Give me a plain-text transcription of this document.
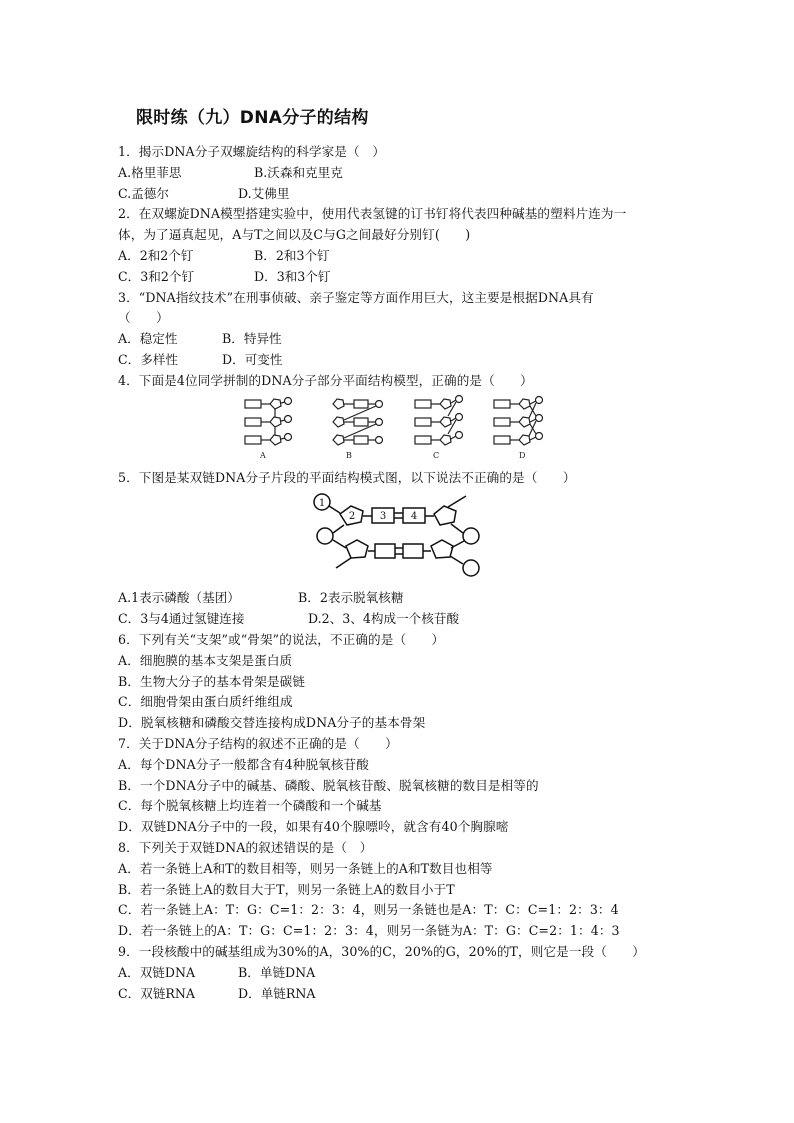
限时练（九）DNA分子的结构
1．揭示DNA分子双螺旋结构的科学家是（　）
A.格里菲思	B.沃森和克里克
C.孟德尔	D.艾佛里
2．在双螺旋DNA模型搭建实验中，使用代表氢键的订书钉将代表四种碱基的塑料片连为一
体，为了逼真起见，A与T之间以及C与G之间最好分别钉(　　)
A．2和2个钉	B．2和3个钉
C．3和2个钉	D．3和3个钉
3．“DNA指纹技术”在刑事侦破、亲子鉴定等方面作用巨大，这主要是根据DNA具有
（　　）
A．稳定性	B．特异性
C．多样性	D．可变性
4．下面是4位同学拼制的DNA分子部分平面结构模型，正确的是（　　）
A	B	C	D
5．下图是某双链DNA分子片段的平面结构模式图，以下说法不正确的是（　　）
1
2 3 4
A.1表示磷酸（基团）	B．2表示脱氧核糖
C．3与4通过氢键连接	D.2、3、4构成一个核苷酸
6．下列有关“支架”或“骨架”的说法，不正确的是（　　）
A．细胞膜的基本支架是蛋白质
B．生物大分子的基本骨架是碳链
C．细胞骨架由蛋白质纤维组成
D．脱氧核糖和磷酸交替连接构成DNA分子的基本骨架
7．关于DNA分子结构的叙述不正确的是（　　）
A．每个DNA分子一般都含有4种脱氧核苷酸
B．一个DNA分子中的碱基、磷酸、脱氧核苷酸、脱氧核糖的数目是相等的
C．每个脱氧核糖上均连着一个磷酸和一个碱基
D．双链DNA分子中的一段，如果有40个腺嘌呤，就含有40个胸腺嘧
8．下列关于双链DNA的叙述错误的是（　）
A．若一条链上A和T的数目相等，则另一条链上的A和T数目也相等
B．若一条链上A的数目大于T，则另一条链上A的数目小于T
C．若一条链上A：T：G：C=1：2：3：4，则另一条链也是A：T：C：C=1：2：3：4
D．若一条链上的A：T：G：C=1：2：3：4，则另一条链为A：T：G：C=2：1：4：3
9．一段核酸中的碱基组成为30%的A，30%的C，20%的G，20%的T，则它是一段（　　）
A．双链DNA	B．单链DNA
C．双链RNA	D．单链RNA
